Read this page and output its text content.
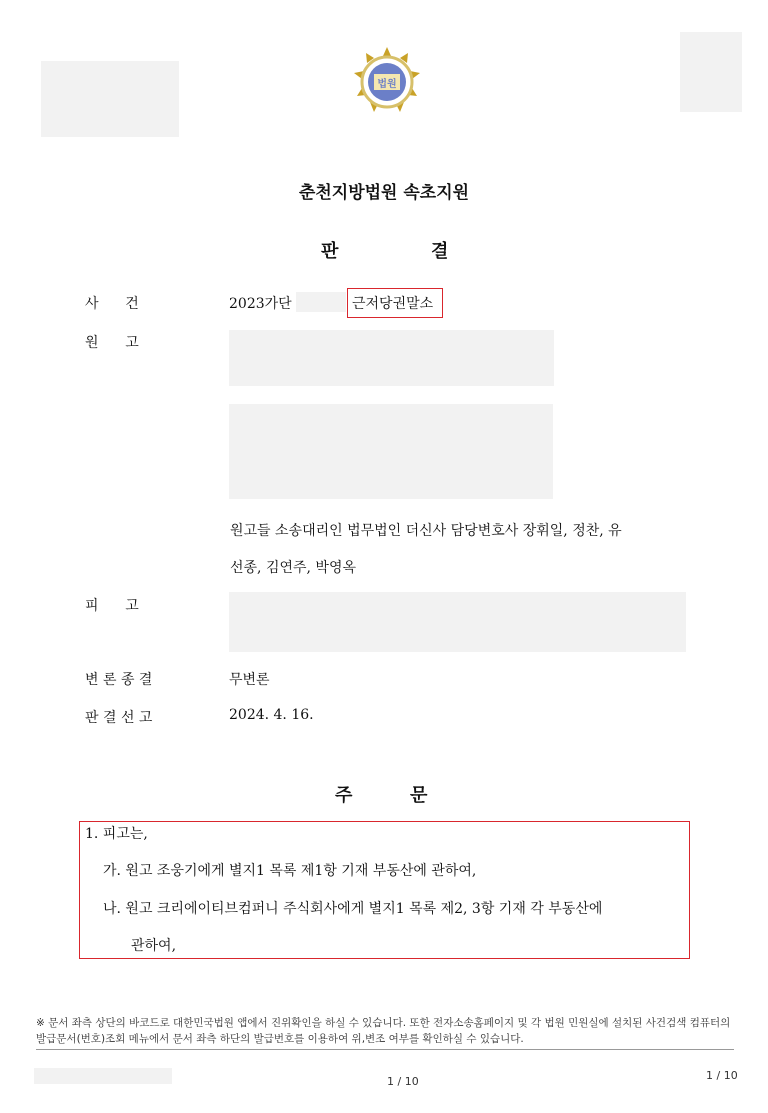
법원
춘천지방법원 속초지원
판	결
사      건	2023가단	근저당권말소
원      고
원고들 소송대리인 법무법인 더신사 담당변호사 장휘일, 정찬, 유
선종, 김연주, 박영옥
피      고
변 론 종 결	무변론
판 결 선 고	2024. 4. 16.
주	문
1. 피고는,
가. 원고 조웅기에게 별지1 목록 제1항 기재 부동산에 관하여,
나. 원고 크리에이티브컴퍼니 주식회사에게 별지1 목록 제2, 3항 기재 각 부동산에
관하여,
※ 문서 좌측 상단의 바코드로 대한민국법원 앱에서 진위확인을 하실 수 있습니다. 또한 전자소송홈페이지 및 각 법원 민원실에 설치된 사건검색 컴퓨터의 발급문서(번호)조회 메뉴에서 문서 좌측 하단의 발급번호를 이용하여 위,변조 여부를 확인하실 수 있습니다.
1 / 10	1 / 10
